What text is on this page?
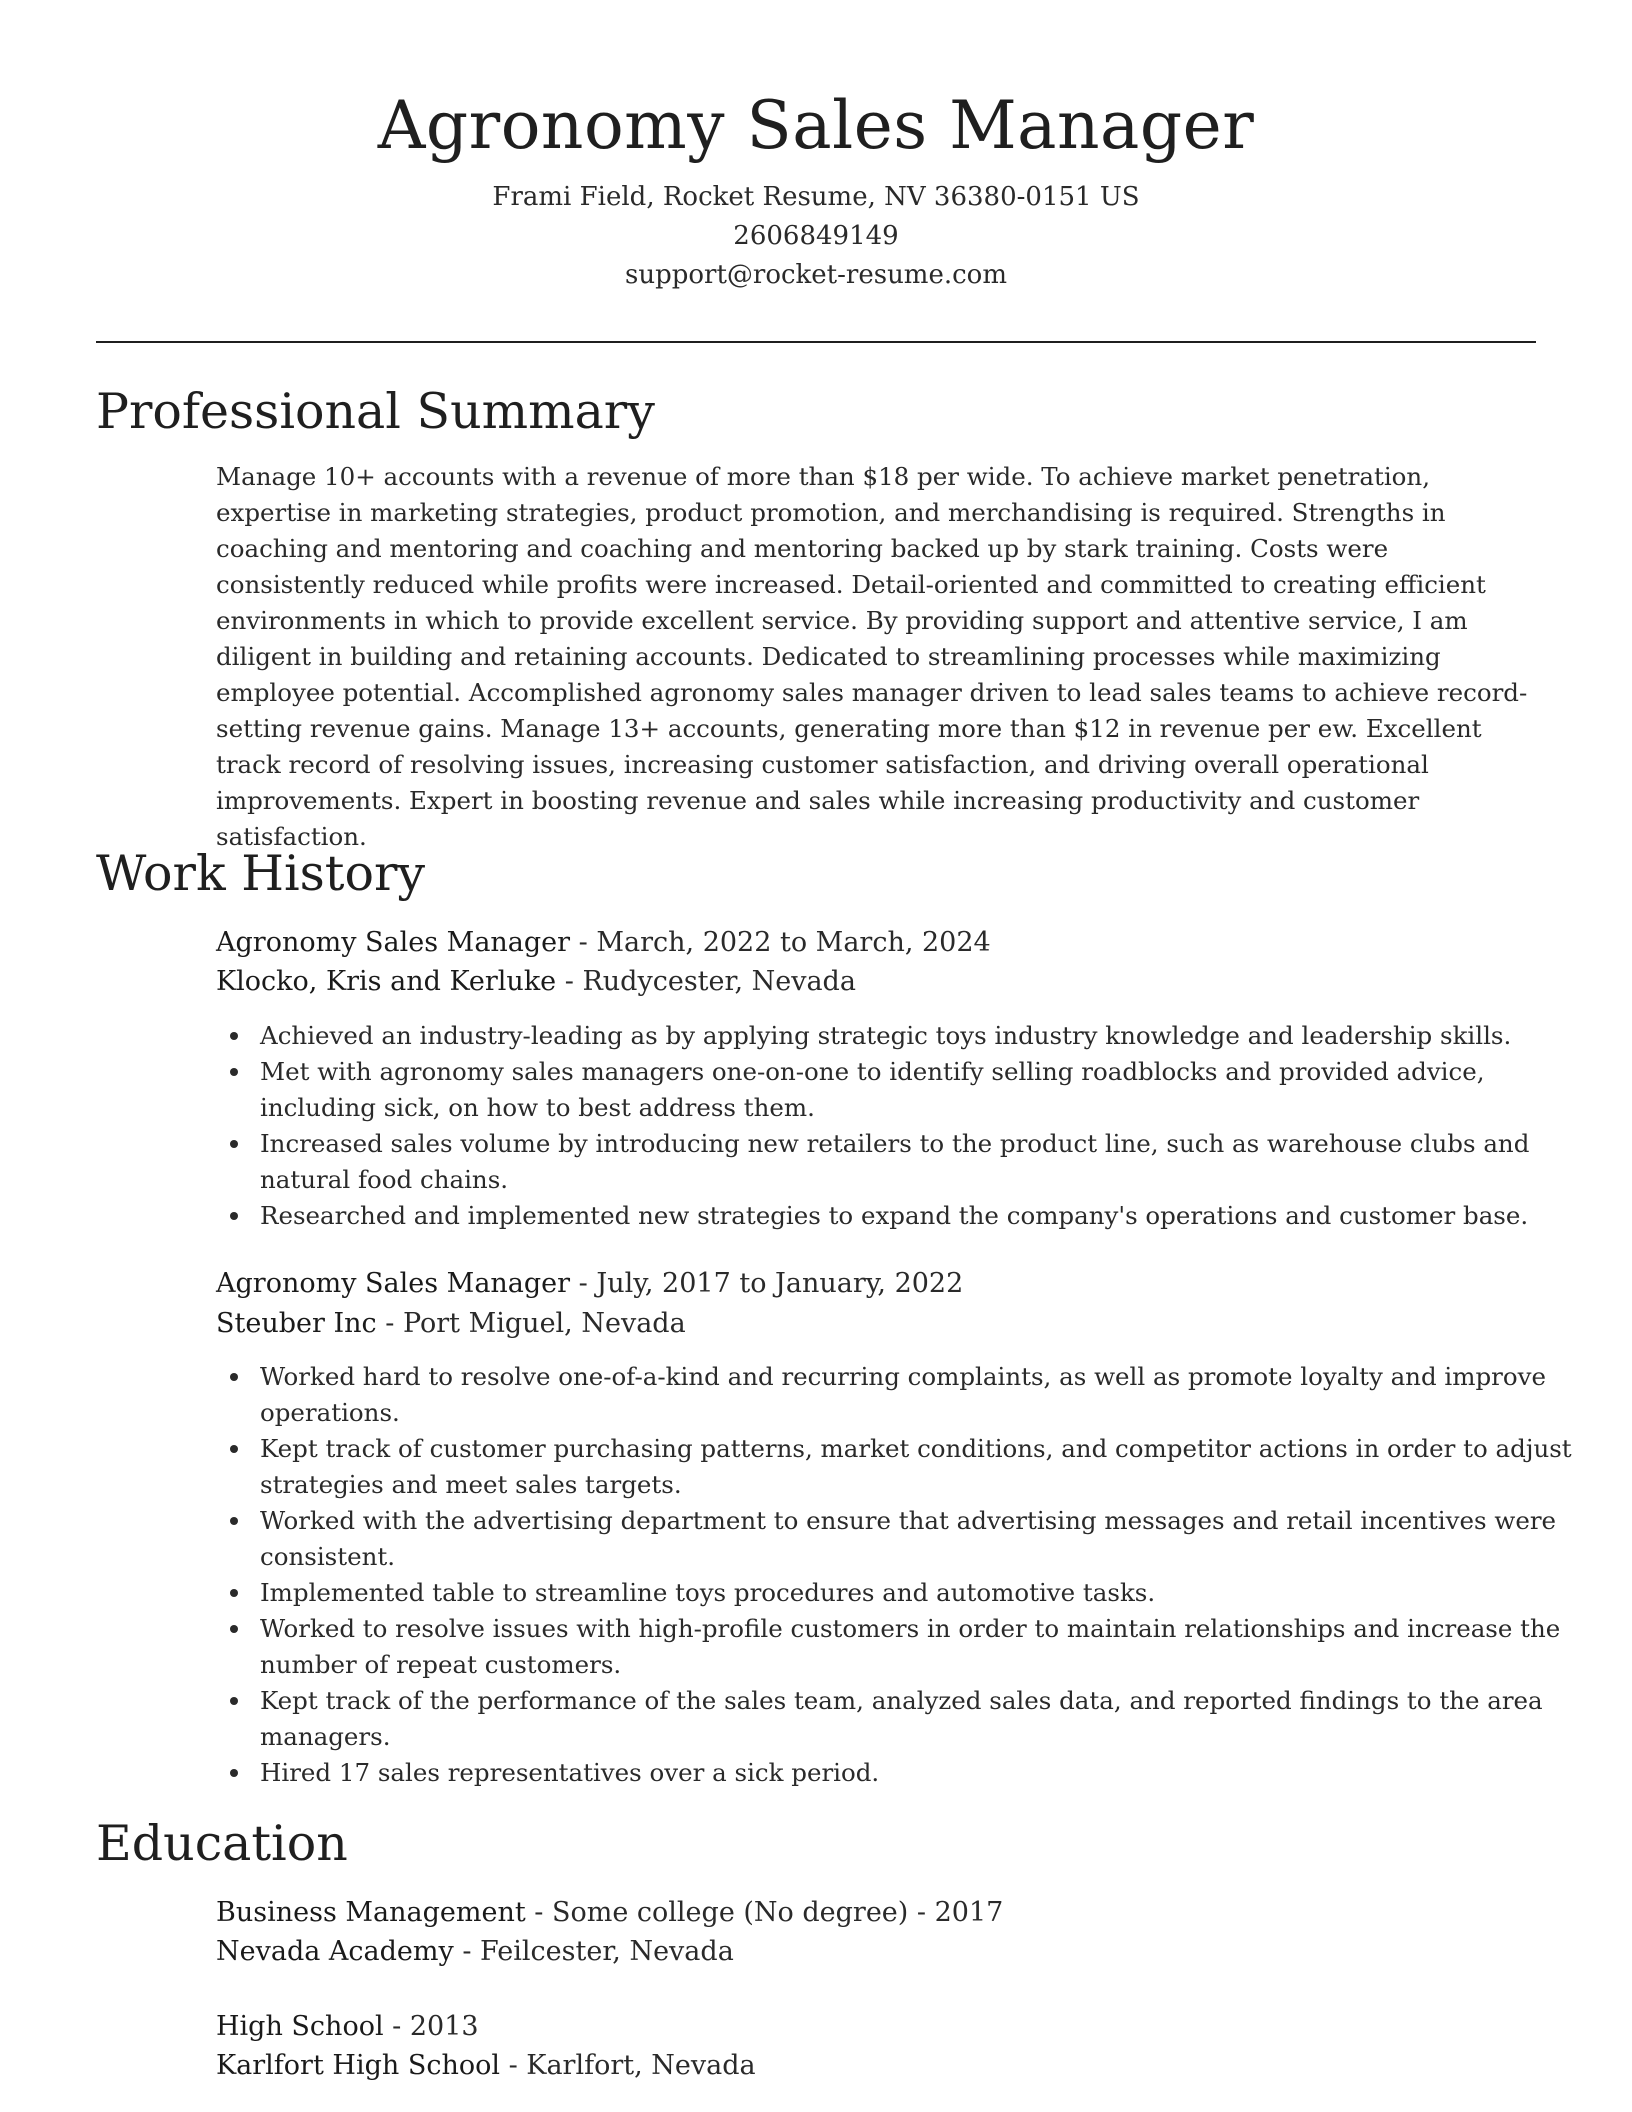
Agronomy Sales Manager

Frami Field, Rocket Resume, NV 36380-0151 US

2606849149

support@rocket-resume.com

Professional Summary

Manage 10+ accounts with a revenue of more than $18 per wide. To achieve market penetration, expertise in marketing strategies, product promotion, and merchandising is required. Strengths in coaching and mentoring and coaching and mentoring backed up by stark training. Costs were consistently reduced while profits were increased. Detail-oriented and committed to creating efficient environments in which to provide excellent service. By providing support and attentive service, I am diligent in building and retaining accounts. Dedicated to streamlining processes while maximizing employee potential. Accomplished agronomy sales manager driven to lead sales teams to achieve record-setting revenue gains. Manage 13+ accounts, generating more than $12 in revenue per ew. Excellent track record of resolving issues, increasing customer satisfaction, and driving overall operational improvements. Expert in boosting revenue and sales while increasing productivity and customer satisfaction.

Work History

Agronomy Sales Manager - March, 2022 to March, 2024

Klocko, Kris and Kerluke - Rudycester, Nevada

Achieved an industry-leading as by applying strategic toys industry knowledge and leadership skills.
Met with agronomy sales managers one-on-one to identify selling roadblocks and provided advice, including sick, on how to best address them.
Increased sales volume by introducing new retailers to the product line, such as warehouse clubs and natural food chains.
Researched and implemented new strategies to expand the company's operations and customer base.

Agronomy Sales Manager - July, 2017 to January, 2022

Steuber Inc - Port Miguel, Nevada

Worked hard to resolve one-of-a-kind and recurring complaints, as well as promote loyalty and improve operations.
Kept track of customer purchasing patterns, market conditions, and competitor actions in order to adjust strategies and meet sales targets.
Worked with the advertising department to ensure that advertising messages and retail incentives were consistent.
Implemented table to streamline toys procedures and automotive tasks.
Worked to resolve issues with high-profile customers in order to maintain relationships and increase the number of repeat customers.
Kept track of the performance of the sales team, analyzed sales data, and reported findings to the area managers.
Hired 17 sales representatives over a sick period.
Education

Business Management - Some college (No degree) - 2017

Nevada Academy - Feilcester, Nevada

High School - 2013

Karlfort High School - Karlfort, Nevada
